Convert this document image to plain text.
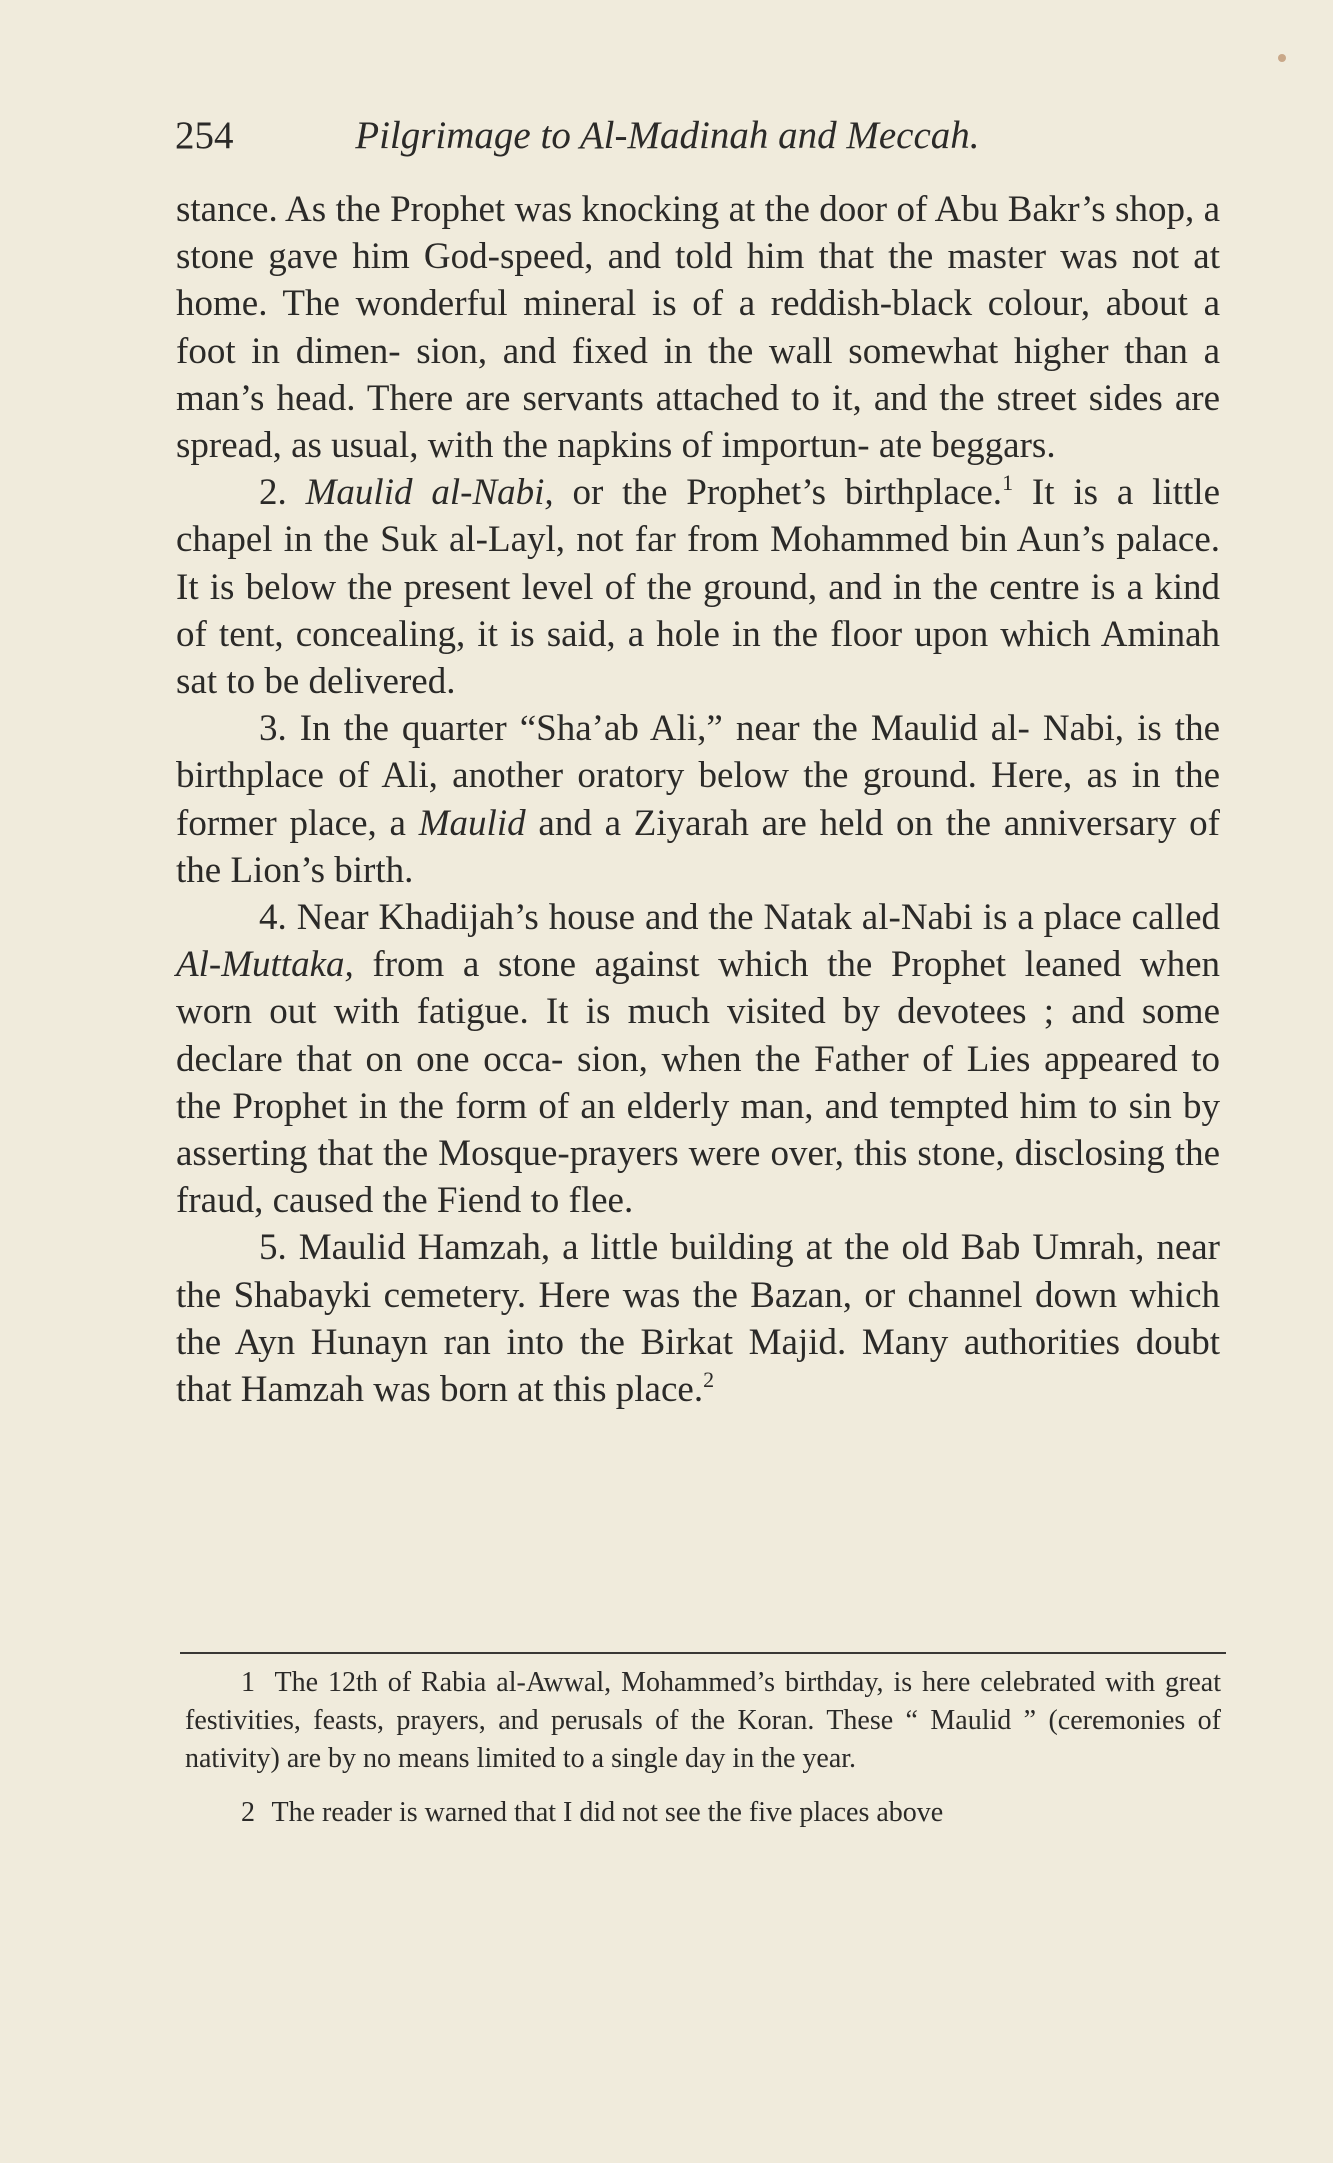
254	Pilgrimage to Al-Madinah and Meccah.

stance. As the Prophet was knocking at the door of Abu Bakr’s shop, a stone gave him God-speed, and told him that the master was not at home. The wonderful mineral is of a reddish-black colour, about a foot in dimen- sion, and fixed in the wall somewhat higher than a man’s head. There are servants attached to it, and the street sides are spread, as usual, with the napkins of importun- ate beggars.

2. Maulid al-Nabi, or the Prophet’s birthplace.$^1$ It is a little chapel in the Suk al-Layl, not far from Mohammed bin Aun’s palace. It is below the present level of the ground, and in the centre is a kind of tent, concealing, it is said, a hole in the floor upon which Aminah sat to be delivered.

3. In the quarter “Sha’ab Ali,” near the Maulid al- Nabi, is the birthplace of Ali, another oratory below the ground. Here, as in the former place, a Maulid and a Ziyarah are held on the anniversary of the Lion’s birth.

4. Near Khadijah’s house and the Natak al-Nabi is a place called Al-Muttaka, from a stone against which the Prophet leaned when worn out with fatigue. It is much visited by devotees ; and some declare that on one occa- sion, when the Father of Lies appeared to the Prophet in the form of an elderly man, and tempted him to sin by asserting that the Mosque-prayers were over, this stone, disclosing the fraud, caused the Fiend to flee.

5. Maulid Hamzah, a little building at the old Bab Umrah, near the Shabayki cemetery. Here was the Bazan, or channel down which the Ayn Hunayn ran into the Birkat Majid. Many authorities doubt that Hamzah was born at this place.$^2$

1 The 12th of Rabia al-Awwal, Mohammed’s birthday, is here celebrated with great festivities, feasts, prayers, and perusals of the Koran. These “ Maulid ” (ceremonies of nativity) are by no means limited to a single day in the year.

2 The reader is warned that I did not see the five places above
